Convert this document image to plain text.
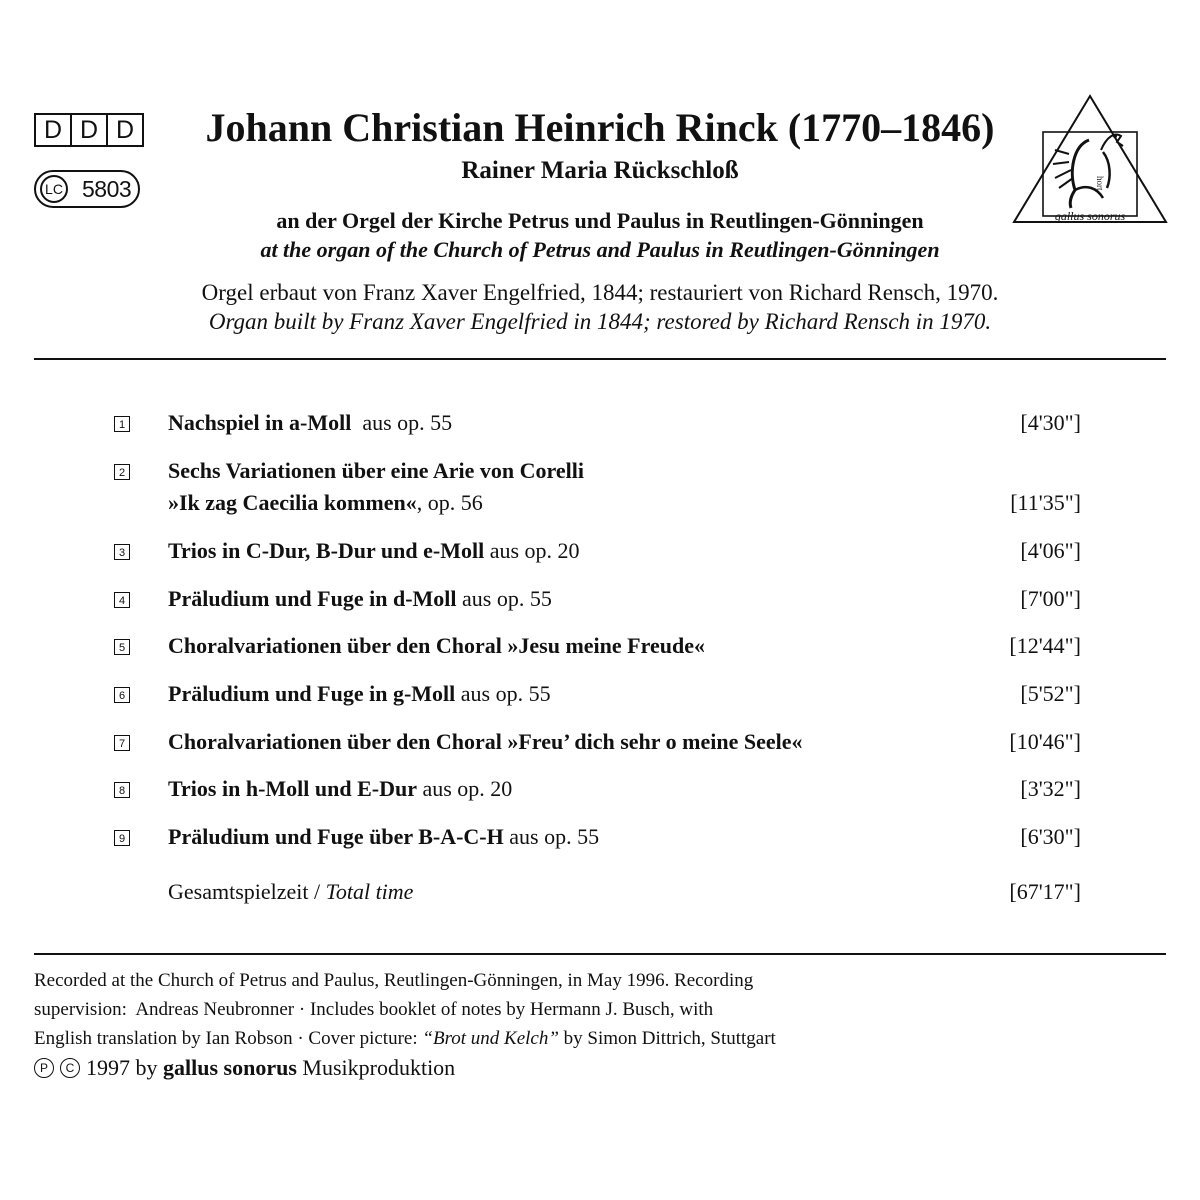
D D D
LC 5803
Johann Christian Heinrich Rinck (1770–1846)
Rainer Maria Rückschloß
an der Orgel der Kirche Petrus und Paulus in Reutlingen-Gönningen
at the organ of the Church of Petrus and Paulus in Reutlingen-Gönningen
Orgel erbaut von Franz Xaver Engelfried, 1844; restauriert von Richard Rensch, 1970.
Organ built by Franz Xaver Engelfried in 1844; restored by Richard Rensch in 1970.
hort
gallus sonorus
1 Nachspiel in a-Moll  aus op. 55	[4'30"]
2 Sechs Variationen über eine Arie von Corelli
»Ik zag Caecilia kommen«, op. 56	[11'35"]
3 Trios in C-Dur, B-Dur und e-Moll aus op. 20	[4'06"]
4 Präludium und Fuge in d-Moll aus op. 55	[7'00"]
5 Choralvariationen über den Choral »Jesu meine Freude«	[12'44"]
6 Präludium und Fuge in g-Moll aus op. 55	[5'52"]
7 Choralvariationen über den Choral »Freu’ dich sehr o meine Seele«	[10'46"]
8 Trios in h-Moll und E-Dur aus op. 20	[3'32"]
9 Präludium und Fuge über B-A-C-H aus op. 55	[6'30"]
Gesamtspielzeit / Total time	[67'17"]
Recorded at the Church of Petrus and Paulus, Reutlingen-Gönningen, in May 1996. Recording
supervision:  Andreas Neubronner · Includes booklet of notes by Hermann J. Busch, with
English translation by Ian Robson · Cover picture: “Brot und Kelch” by Simon Dittrich, Stuttgart
P	C 1997 by gallus sonorus Musikproduktion
